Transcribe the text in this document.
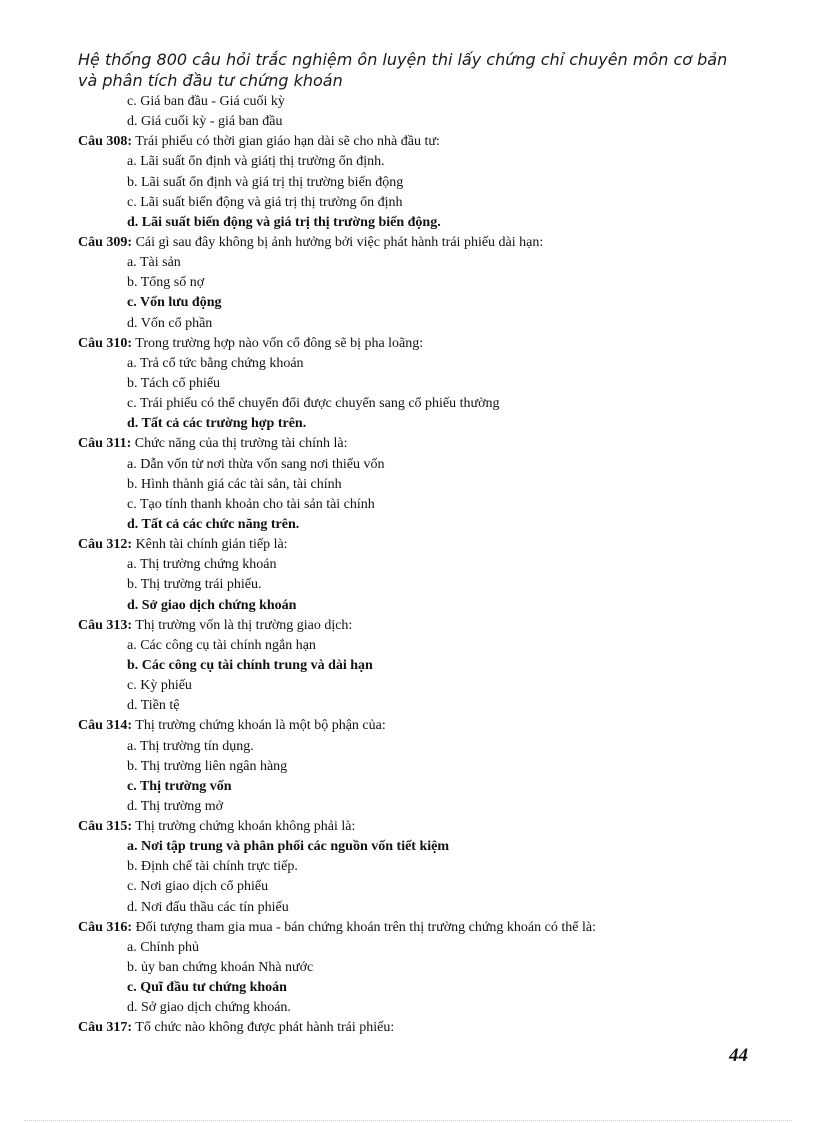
Hệ thống 800 câu hỏi trắc nghiệm ôn luyện thi lấy chứng chỉ chuyên môn cơ bản và phân tích đầu tư chứng khoán
c. Giá ban đầu - Giá cuối kỳ
d. Giá cuối kỳ - giá ban đầu
Câu 308: Trái phiếu có thời gian giáo hạn dài sẽ cho nhà đầu tư:
a. Lãi suất ổn định và giátị thị trường ổn định.
b. Lãi suất ổn định và giá trị thị trường biến động
c. Lãi suất biến động và giá trị thị trường ổn định
d. Lãi suất biến động và giá trị thị trường biến động.
Câu 309: Cái gì sau đây không bị ảnh hưởng bởi việc phát hành trái phiếu dài hạn:
a. Tài sản
b. Tổng số nợ
c. Vốn lưu động
d. Vốn cổ phần
Câu 310: Trong trường hợp nào vốn cổ đông sẽ bị pha loãng:
a. Trả cổ tức bằng chứng khoán
b. Tách cổ phiếu
c. Trái phiếu có thể chuyển đổi được chuyển sang cổ phiếu thường
d. Tất cả các trường hợp trên.
Câu 311: Chức năng của thị trường tài chính là:
a. Dẫn vốn từ nơi thừa vốn sang nơi thiếu vốn
b. Hình thành giá các tài sản, tài chính
c. Tạo tính thanh khoản cho tài sản tài chính
d. Tất cả các chức năng trên.
Câu 312: Kênh tài chính gián tiếp là:
a. Thị trường chứng khoán
b. Thị trường trái phiếu.
d. Sở giao dịch chứng khoán
Câu 313: Thị trường vốn là thị trường giao dịch:
a. Các công cụ tài chính ngắn hạn
b. Các công cụ tài chính trung và dài hạn
c. Kỳ phiếu
d. Tiền tệ
Câu 314: Thị trường chứng khoán là một bộ phận của:
a. Thị trường tín dụng.
b. Thị trường liên ngân hàng
c. Thị trường vốn
d. Thị trường mở
Câu 315: Thị trường chứng khoán không phải là:
a. Nơi tập trung và phân phối các nguồn vốn tiết kiệm
b. Định chế tài chính trực tiếp.
c. Nơi giao dịch cổ phiếu
d. Nơi đấu thầu các tín phiếu
Câu 316: Đối tượng tham gia mua - bán chứng khoán trên thị trường chứng khoán có thể là:
a. Chính phủ
b. ủy ban chứng khoán Nhà nước
c. Quĩ đầu tư chứng khoán
d. Sở giao dịch chứng khoán.
Câu 317: Tổ chức nào không được phát hành trái phiếu:
44
